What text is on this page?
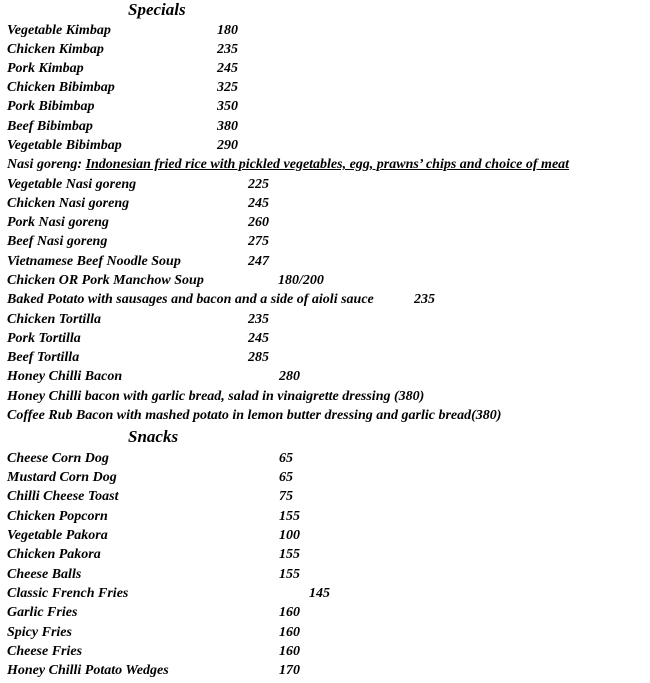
Specials
Vegetable Kimbap	180
Chicken Kimbap	235
Pork Kimbap	245
Chicken Bibimbap	325
Pork Bibimbap	350
Beef Bibimbap	380
Vegetable Bibimbap	290
Nasi goreng: Indonesian fried rice with pickled vegetables, egg, prawns’ chips and choice of meat
Vegetable Nasi goreng	225
Chicken Nasi goreng	245
Pork Nasi goreng	260
Beef Nasi goreng	275
Vietnamese Beef Noodle Soup	247
Chicken OR Pork Manchow Soup	180/200
Baked Potato with sausages and bacon and a side of aioli sauce	235
Chicken Tortilla	235
Pork Tortilla	245
Beef Tortilla	285
Honey Chilli Bacon	280
Honey Chilli bacon with garlic bread, salad in vinaigrette dressing (380)
Coffee Rub Bacon with mashed potato in lemon butter dressing and garlic bread(380)
Snacks
Cheese Corn Dog	65
Mustard Corn Dog	65
Chilli Cheese Toast	75
Chicken Popcorn	155
Vegetable Pakora	100
Chicken Pakora	155
Cheese Balls	155
Classic French Fries	145
Garlic Fries	160
Spicy Fries	160
Cheese Fries	160
Honey Chilli Potato Wedges	170
